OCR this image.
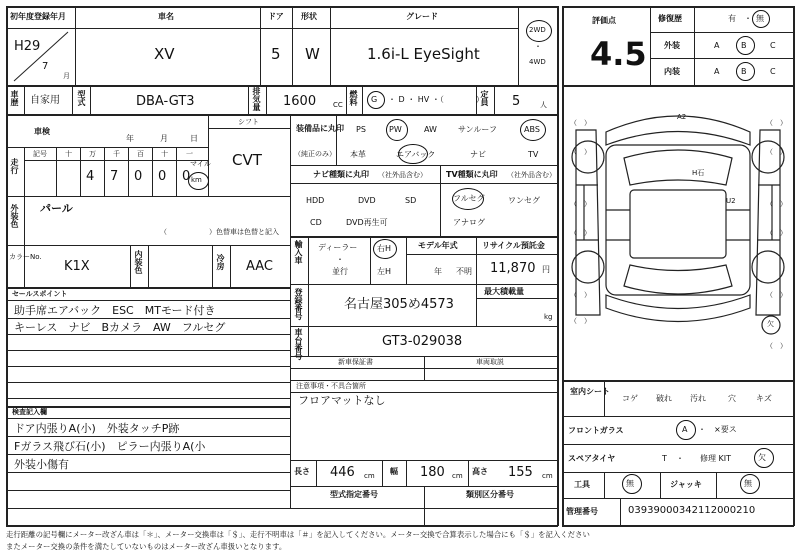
初年度登録年月
H29
7
月
車名
XV
ドア
5
形状
W
グレード
1.6i-L EyeSight
2WD
・
4WD
評価点
4.5
修復歴	有 ・ 無
外装	A	B	C
内装	A	B	C
車歴 自家用 型式	DBA-GT3	排気量 1600 CC 燃料 G ・ D ・ HV ・（　　　　）
定員 5	人
車検
年	月	日
シフト
CVT
走行
記号	十 万 千 百 十	一
4 7 0 0 0
マイル
km
外装色 パール
（　　　　　　）色替車は色替と記入
カラーNo.
K1X	内装色	冷房 AAC
セールスポイント
助手席エアバック　ESC　MTモード付き
キーレス　ナビ　Bカメラ　AW　フルセグ
検査記入欄
ドア内張りA(小)　外装タッチP跡
Fガラス飛び石(小)　ピラー内張りA(小
外装小傷有
装備品に丸印
（純正のみ）
PS	PW	AW	サンルーフ	ABS
本革	エアバック	ナビ	TV
ナビ種類に丸印 （社外品含む）
HDD	DVD	SD
CD	DVD再生可
TV種類に丸印 （社外品含む）
フルセグ	ワンセグ
アナログ
輸入車 ディーラー
・
並行
右H
左H
モデル年式
年 不明
リサイクル預託金
11,870 円
登録番号	名古屋305め4573
最大積載量
kg
車台番号	GT3-029038
新車保証書	車両取説
注意事項・不具合箇所
フロアマットなし
長さ 446 cm 幅 180 cm 高さ 155 cm
型式指定番号	類別区分番号
室内シート
コゲ 破れ 汚れ	穴	キズ
フロントガラス	A ・　×要ス
スペアタイヤ	T ・ 修理 KIT	欠
工具	無	ジャッキ	無
管理番号	03939000342112000210
A2
H石
U2
欠
（　）
（　）
（　）
（　）
（　）
（　）
（　）
（　）
（　）
（　）
（　）
（　）
走行距離の記号欄にメーター改ざん車は「＊」、メーター交換車は「＄」、走行不明車は「＃」を記入してください。メーター交換で合算表示した場合にも「＄」を記入ください
またメーター交換の条件を満たしていないものはメーター改ざん車扱いとなります。
